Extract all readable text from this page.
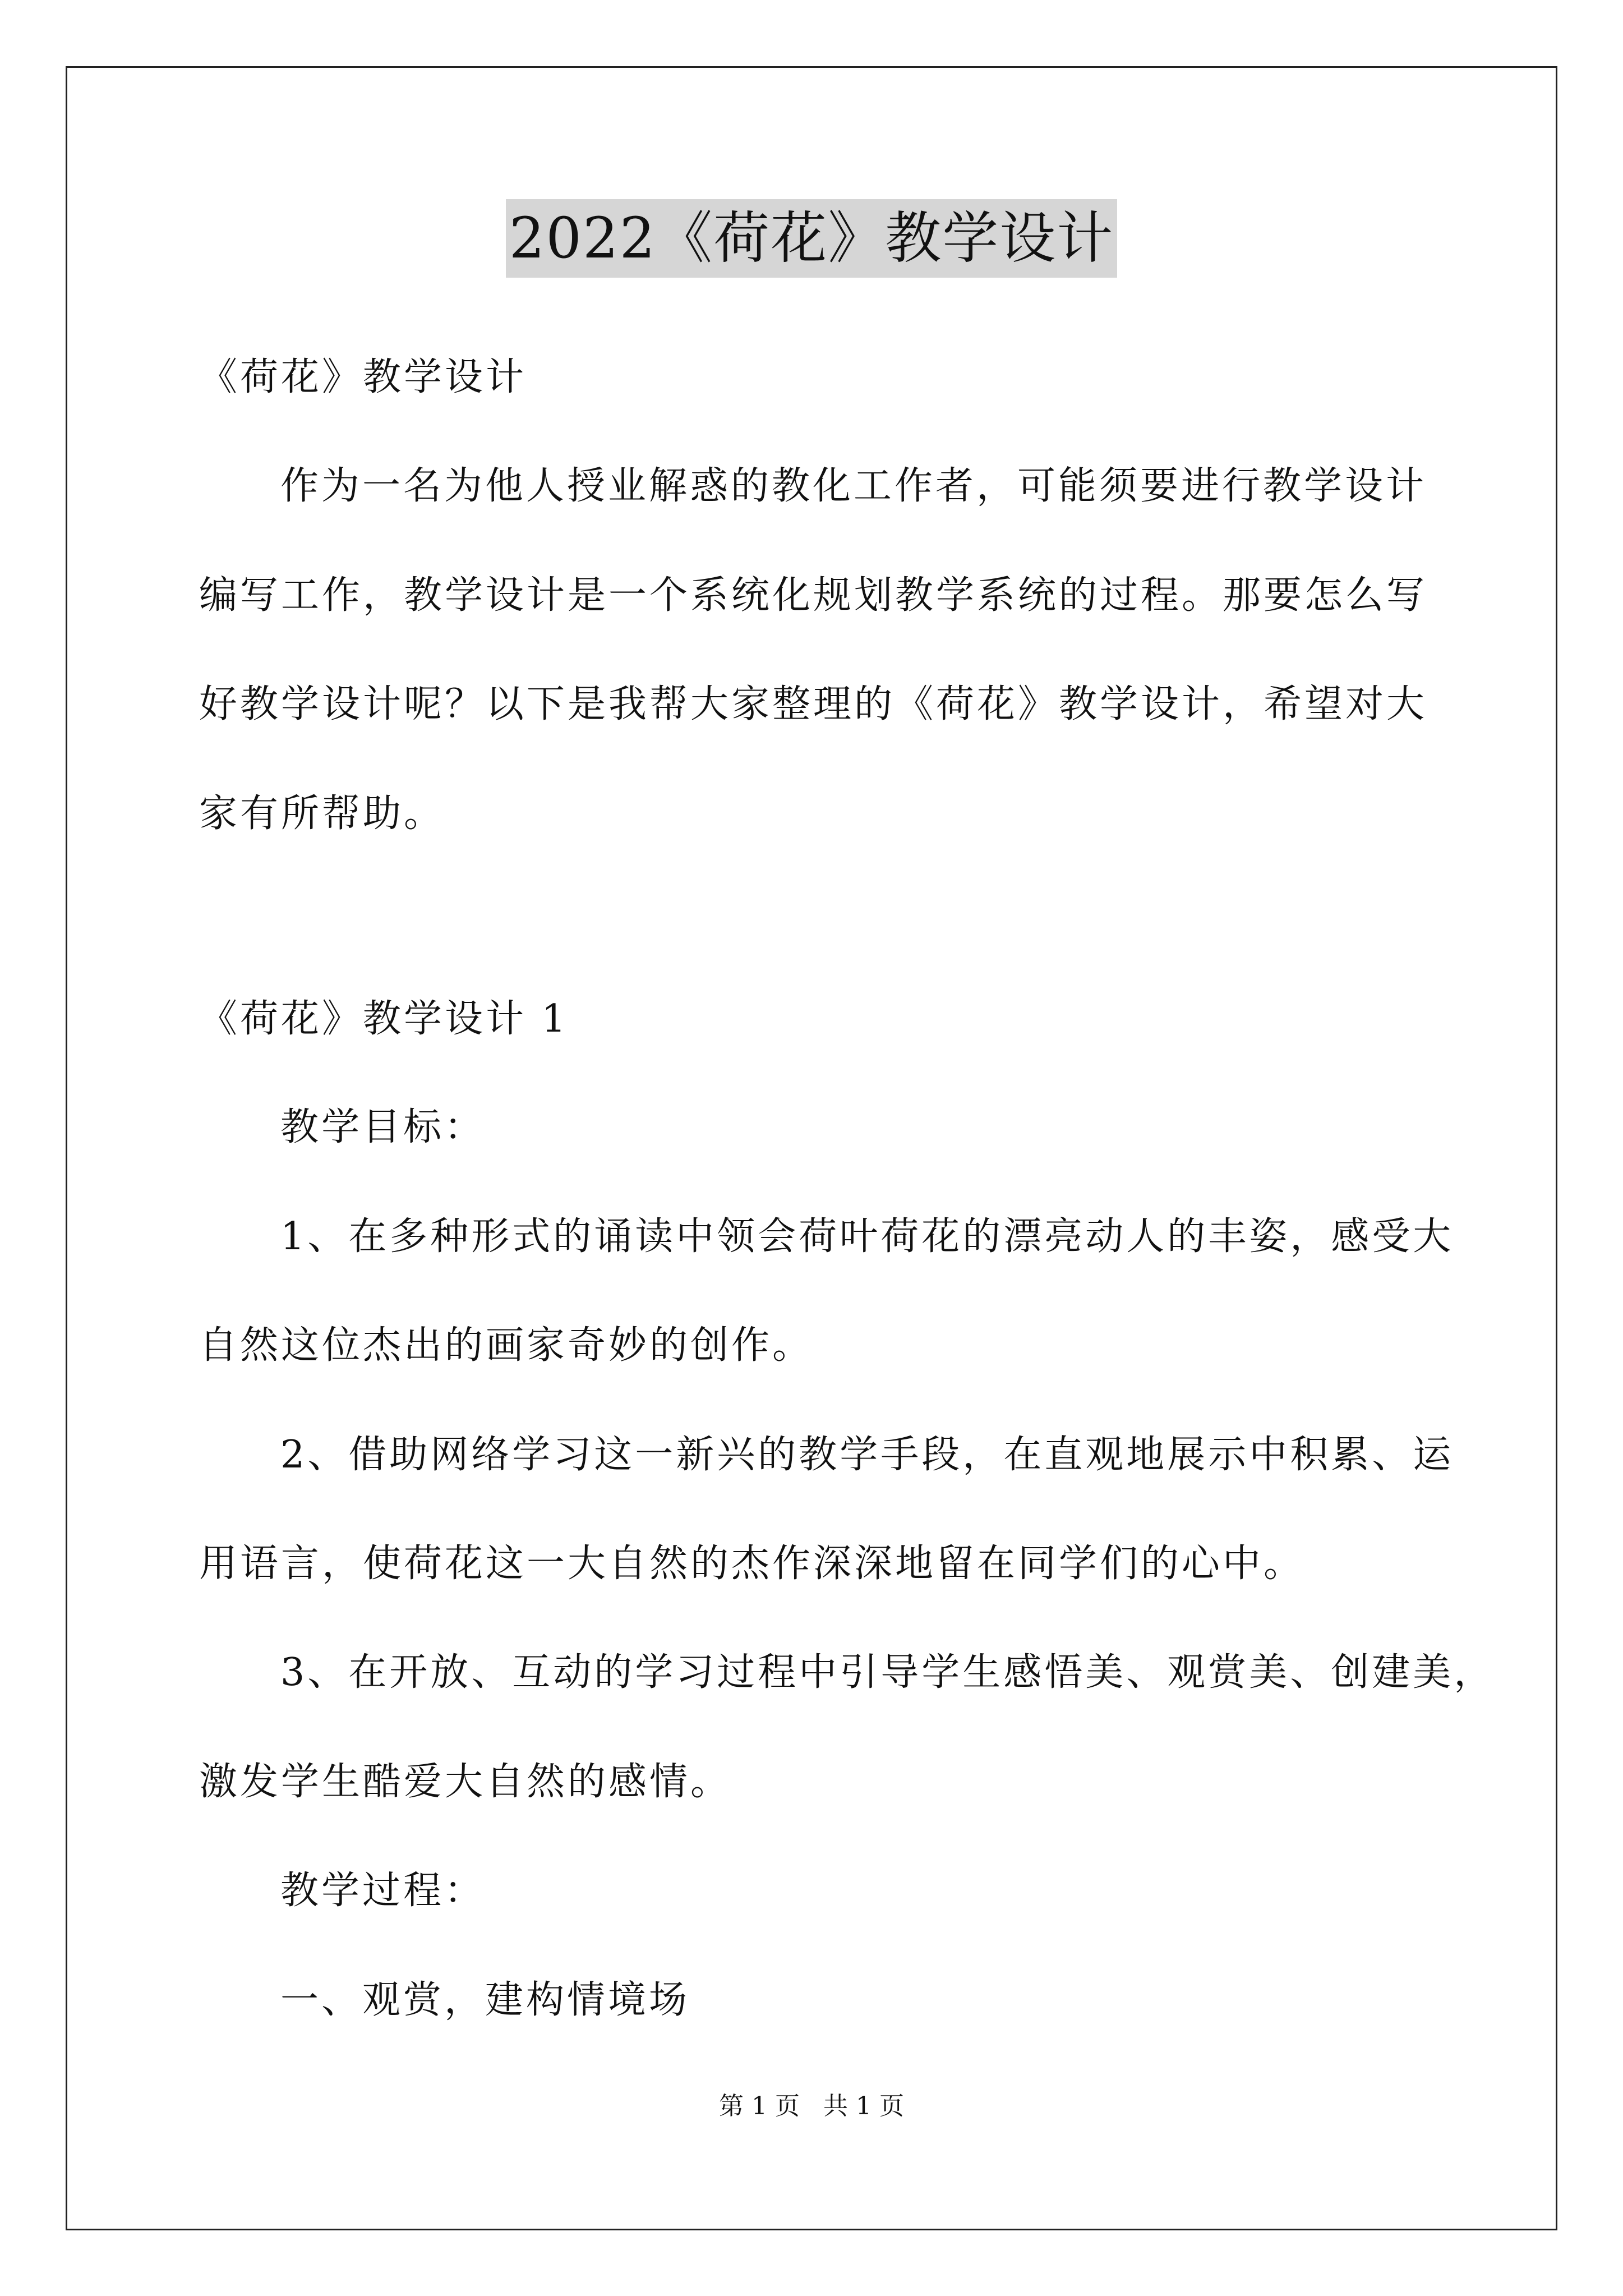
2022《荷花》教学设计
《荷花》教学设计
作为一名为他人授业解惑的教化工作者，可能须要进行教学设计
编写工作，教学设计是一个系统化规划教学系统的过程。那要怎么写
好教学设计呢？以下是我帮大家整理的《荷花》教学设计，希望对大
家有所帮助。
《荷花》教学设计 1
教学目标：
1、在多种形式的诵读中领会荷叶荷花的漂亮动人的丰姿，感受大
自然这位杰出的画家奇妙的创作。
2、借助网络学习这一新兴的教学手段，在直观地展示中积累、运
用语言，使荷花这一大自然的杰作深深地留在同学们的心中。
3、在开放、互动的学习过程中引导学生感悟美、观赏美、创建美，
激发学生酷爱大自然的感情。
教学过程：
一、观赏，建构情境场
第 1 页   共 1 页
